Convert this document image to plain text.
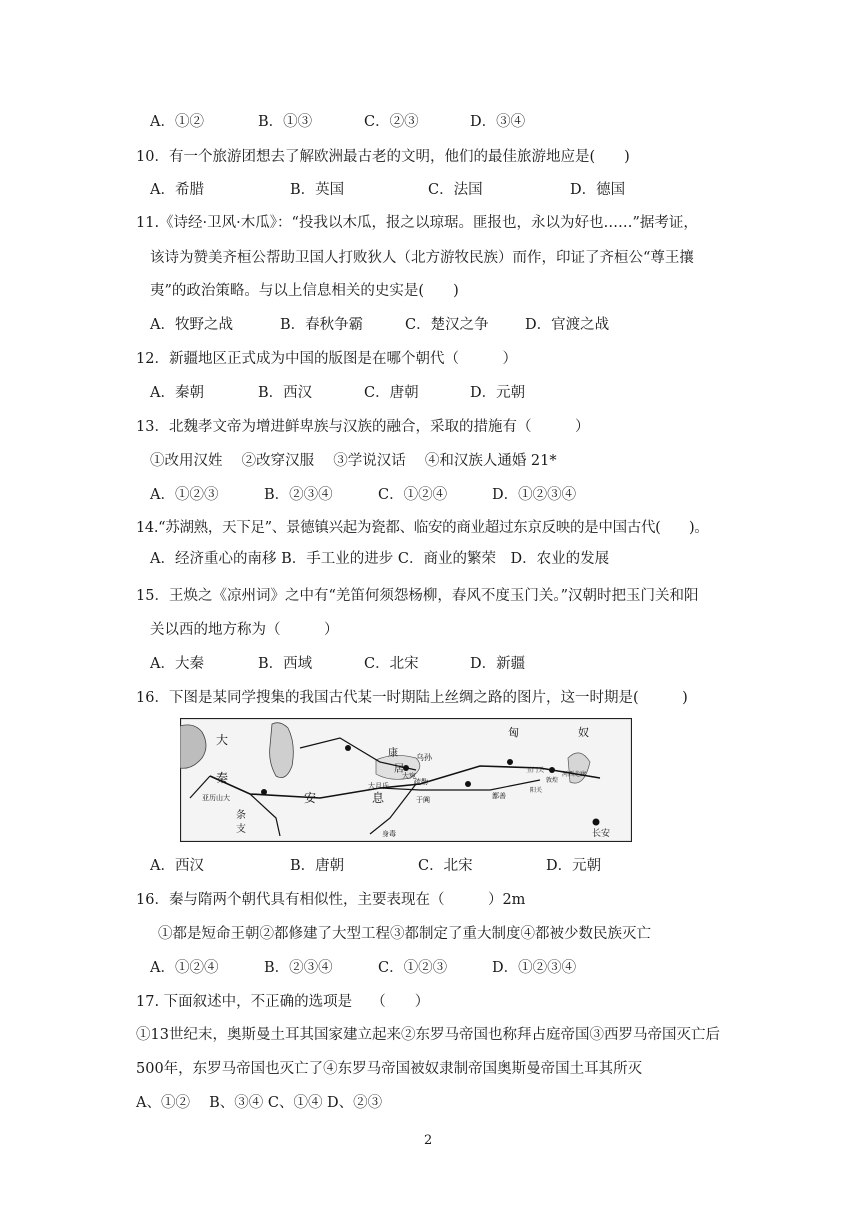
A．①②	B．①③	C．②③	D．③④
10．有一个旅游团想去了解欧洲最古老的文明，他们的最佳旅游地应是(　　)
A．希腊	B．英国	C．法国	D．德国
11.《诗经·卫风·木瓜》：“投我以木瓜，报之以琼琚。匪报也，永以为好也……”据考证，
该诗为赞美齐桓公帮助卫国人打败狄人（北方游牧民族）而作，印证了齐桓公“尊王攘
夷”的政治策略。与以上信息相关的史实是(　　)
A．牧野之战	B．春秋争霸	C．楚汉之争	D．官渡之战
12．新疆地区正式成为中国的版图是在哪个朝代（　　　）
A．秦朝	B．西汉	C．唐朝	D．元朝
13．北魏孝文帝为增进鲜卑族与汉族的融合，采取的措施有（　　　）
①改用汉姓　 ②改穿汉服　 ③学说汉话　 ④和汉族人通婚 21*
A．①②③	B．②③④	C．①②④	D．①②③④
14.“苏湖熟，天下足”、景德镇兴起为瓷都、临安的商业超过东京反映的是中国古代(　　)。
A．经济重心的南移 B．手工业的进步 C．商业的繁荣　D．农业的发展
15．王焕之《凉州词》之中有“羌笛何须怨杨柳，春风不度玉门关。”汉朝时把玉门关和阳
关以西的地方称为（　　　）
A．大秦	B．西域	C．北宋	D．新疆
16．下图是某同学搜集的我国古代某一时期陆上丝绸之路的图片，这一时期是(　　　)
匈	奴
大
秦
康
居
乌孙
大宛
疏勒
大月氏
安	息
亚历山大
条
支
于阗	鄯善
玉门关
阳关
敦煌
河西走廊
长安
身毒
A．西汉	B．唐朝	C．北宋	D．元朝
16．秦与隋两个朝代具有相似性，主要表现在（　　　）2m
①都是短命王朝②都修建了大型工程③都制定了重大制度④都被少数民族灭亡
A．①②④	B．②③④	C．①②③	D．①②③④
17. 下面叙述中，不正确的选项是　 （　　）
①13世纪末，奥斯曼土耳其国家建立起来②东罗马帝国也称拜占庭帝国③西罗马帝国灭亡后
500年，东罗马帝国也灭亡了④东罗马帝国被奴隶制帝国奥斯曼帝国土耳其所灭
A、①②　 B、③④ C、①④ D、②③
2
